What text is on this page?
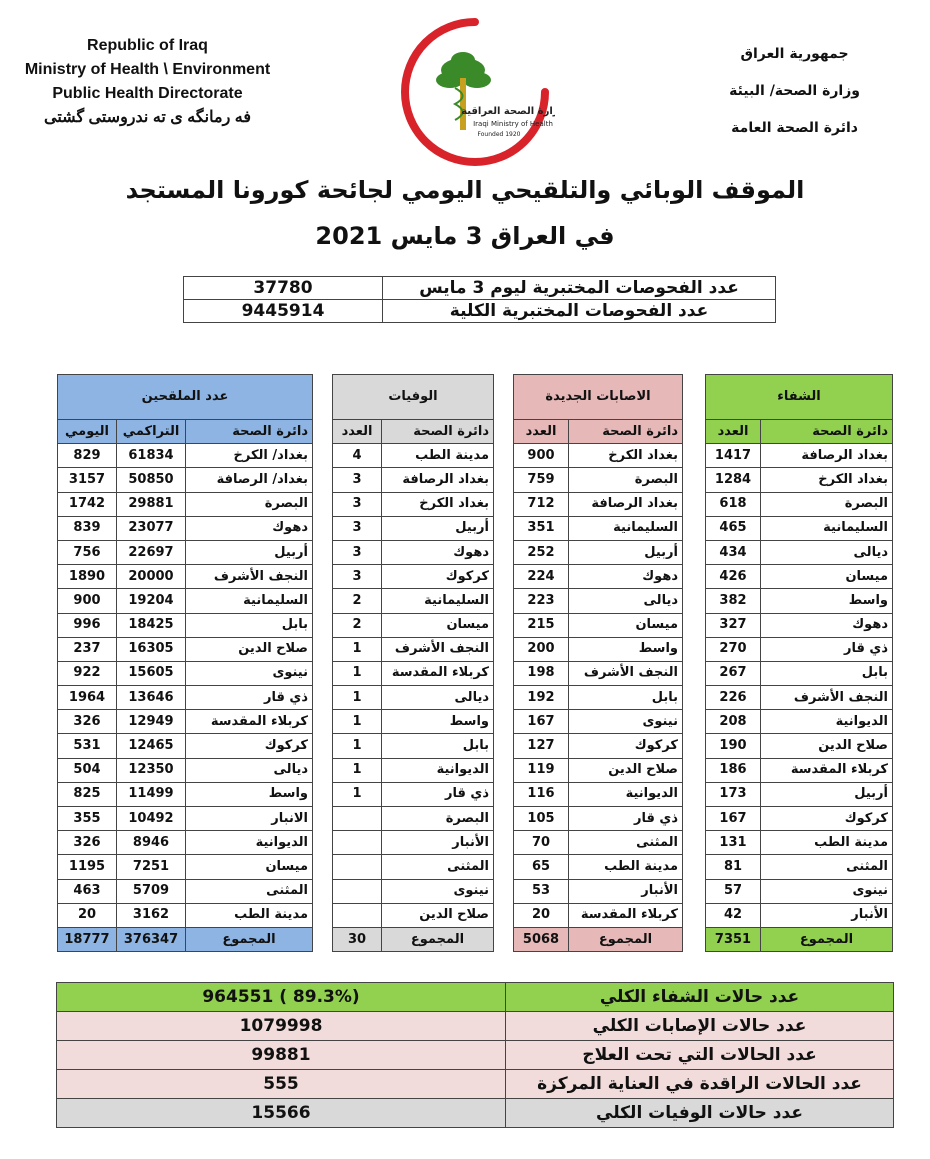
Republic of Iraq
Ministry of Health \ Environment
Public Health Directorate
فه رمانگه ى ته ندروستى گشتى	وزارة الصحة العراقية
Iraqi Ministry of Health
Founded 1920
جمهورية العراق
وزارة الصحة/ البيئة
دائرة الصحة العامة
الموقف الوبائي والتلقيحي اليومي لجائحة كورونا المستجد
في العراق 3 مايس 2021
37780	عدد الفحوصات المختبرية ليوم 3 مايس
9445914	عدد الفحوصات المختبرية الكلية
عدد الملقحين		
اليومي	التراكمي	دائرة الصحة
829	61834	بغداد/ الكرخ
3157	50850	بغداد/ الرصافة
1742	29881	البصرة
839	23077	دهوك
756	22697	أربيل
1890	20000	النجف الأشرف
900	19204	السليمانية
996	18425	بابل
237	16305	صلاح الدين
922	15605	نينوى
1964	13646	ذي قار
326	12949	كربلاء المقدسة
531	12465	كركوك
504	12350	ديالى
825	11499	واسط
355	10492	الانبار
326	8946	الديوانية
1195	7251	ميسان
463	5709	المثنى
20	3162	مدينة الطب
18777	376347	المجموع
الوفيات	
العدد	دائرة الصحة
4	مدينة الطب
3	بغداد الرصافة
3	بغداد الكرخ
3	أربيل
3	دهوك
3	كركوك
2	السليمانية
2	ميسان
1	النجف الأشرف
1	كربلاء المقدسة
1	ديالى
1	واسط
1	بابل
1	الديوانية
1	ذي قار
	البصرة
	الأنبار
	المثنى
	نينوى
	صلاح الدين
30	المجموع
الاصابات الجديدة	
العدد	دائرة الصحة
900	بغداد الكرخ
759	البصرة
712	بغداد الرصافة
351	السليمانية
252	أربيل
224	دهوك
223	ديالى
215	ميسان
200	واسط
198	النجف الأشرف
192	بابل
167	نينوى
127	كركوك
119	صلاح الدين
116	الديوانية
105	ذي قار
70	المثنى
65	مدينة الطب
53	الأنبار
20	كربلاء المقدسة
5068	المجموع
الشفاء	
العدد	دائرة الصحة
1417	بغداد الرصافة
1284	بغداد الكرخ
618	البصرة
465	السليمانية
434	ديالى
426	ميسان
382	واسط
327	دهوك
270	ذي قار
267	بابل
226	النجف الأشرف
208	الديوانية
190	صلاح الدين
186	كربلاء المقدسة
173	أربيل
167	كركوك
131	مدينة الطب
81	المثنى
57	نينوى
42	الأنبار
7351	المجموع
964551 ( 89.3%)	عدد حالات الشفاء الكلي
1079998	عدد حالات الإصابات الكلي
99881	عدد الحالات التي تحت العلاج
555	عدد الحالات الراقدة في العناية المركزة
15566	عدد حالات الوفيات الكلي
